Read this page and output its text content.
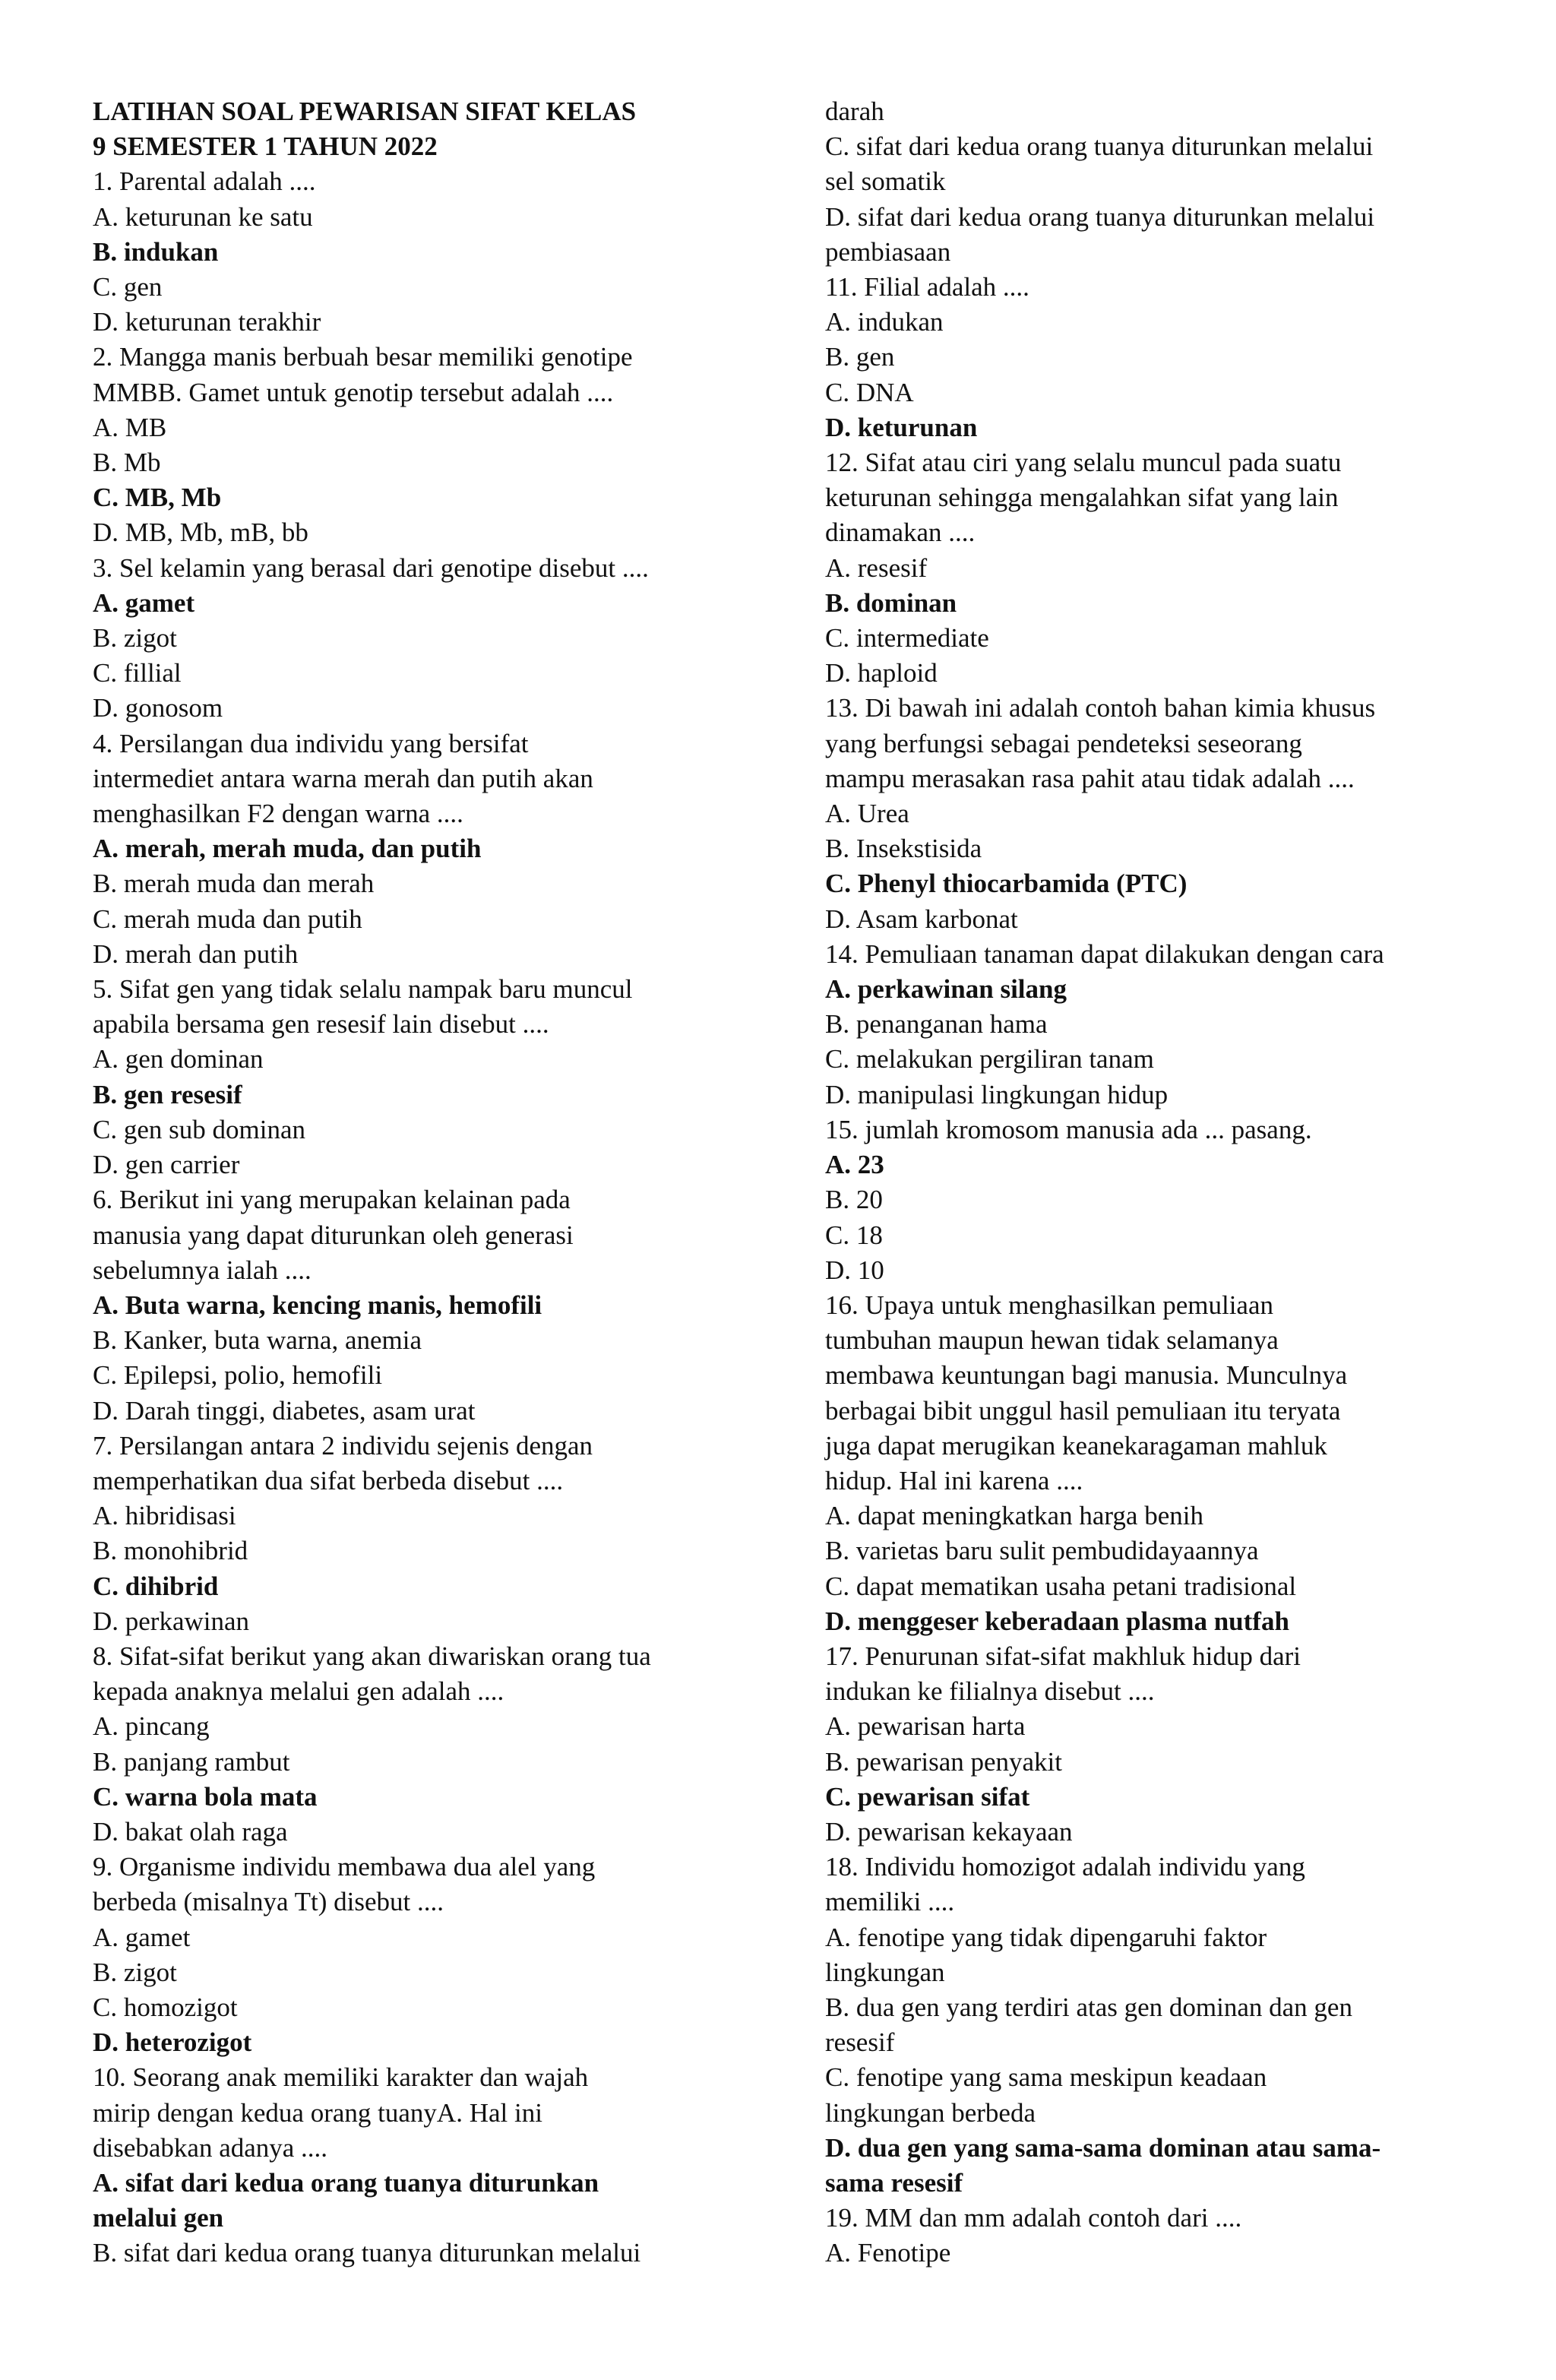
LATIHAN SOAL PEWARISAN SIFAT KELAS
9 SEMESTER 1 TAHUN 2022
1. Parental adalah ....
A. keturunan ke satu
B. indukan
C. gen
D. keturunan terakhir
2. Mangga manis berbuah besar memiliki genotipe
MMBB. Gamet untuk genotip tersebut adalah ....
A. MB
B. Mb
C. MB, Mb
D. MB, Mb, mB, bb
3. Sel kelamin yang berasal dari genotipe disebut ....
A. gamet
B. zigot
C. fillial
D. gonosom
4. Persilangan dua individu yang bersifat
intermediet antara warna merah dan putih akan
menghasilkan F2 dengan warna ....
A. merah, merah muda, dan putih
B. merah muda dan merah
C. merah muda dan putih
D. merah dan putih
5. Sifat gen yang tidak selalu nampak baru muncul
apabila bersama gen resesif lain disebut ....
A. gen dominan
B. gen resesif
C. gen sub dominan
D. gen carrier
6. Berikut ini yang merupakan kelainan pada
manusia yang dapat diturunkan oleh generasi
sebelumnya ialah ....
A. Buta warna, kencing manis, hemofili
B. Kanker, buta warna, anemia
C. Epilepsi, polio, hemofili
D. Darah tinggi, diabetes, asam urat
7. Persilangan antara 2 individu sejenis dengan
memperhatikan dua sifat berbeda disebut ....
A. hibridisasi
B. monohibrid
C. dihibrid
D. perkawinan
8. Sifat-sifat berikut yang akan diwariskan orang tua
kepada anaknya melalui gen adalah ....
A. pincang
B. panjang rambut
C. warna bola mata
D. bakat olah raga
9. Organisme individu membawa dua alel yang
berbeda (misalnya Tt) disebut ....
A. gamet
B. zigot
C. homozigot
D. heterozigot
10. Seorang anak memiliki karakter dan wajah
mirip dengan kedua orang tuanyA. Hal ini
disebabkan adanya ....
A. sifat dari kedua orang tuanya diturunkan
melalui gen
B. sifat dari kedua orang tuanya diturunkan melalui
darah
C. sifat dari kedua orang tuanya diturunkan melalui
sel somatik
D. sifat dari kedua orang tuanya diturunkan melalui
pembiasaan
11. Filial adalah ....
A. indukan
B. gen
C. DNA
D. keturunan
12. Sifat atau ciri yang selalu muncul pada suatu
keturunan sehingga mengalahkan sifat yang lain
dinamakan ....
A. resesif
B. dominan
C. intermediate
D. haploid
13. Di bawah ini adalah contoh bahan kimia khusus
yang berfungsi sebagai pendeteksi seseorang
mampu merasakan rasa pahit atau tidak adalah ....
A. Urea
B. Insekstisida
C. Phenyl thiocarbamida (PTC)
D. Asam karbonat
14. Pemuliaan tanaman dapat dilakukan dengan cara
A. perkawinan silang
B. penanganan hama
C. melakukan pergiliran tanam
D. manipulasi lingkungan hidup
15. jumlah kromosom manusia ada ... pasang.
A. 23
B. 20
C. 18
D. 10
16. Upaya untuk menghasilkan pemuliaan
tumbuhan maupun hewan tidak selamanya
membawa keuntungan bagi manusia. Munculnya
berbagai bibit unggul hasil pemuliaan itu teryata
juga dapat merugikan keanekaragaman mahluk
hidup. Hal ini karena ....
A. dapat meningkatkan harga benih
B. varietas baru sulit pembudidayaannya
C. dapat mematikan usaha petani tradisional
D. menggeser keberadaan plasma nutfah
17. Penurunan sifat-sifat makhluk hidup dari
indukan ke filialnya disebut ....
A. pewarisan harta
B. pewarisan penyakit
C. pewarisan sifat
D. pewarisan kekayaan
18. Individu homozigot adalah individu yang
memiliki ....
A. fenotipe yang tidak dipengaruhi faktor
lingkungan
B. dua gen yang terdiri atas gen dominan dan gen
resesif
C. fenotipe yang sama meskipun keadaan
lingkungan berbeda
D. dua gen yang sama-sama dominan atau sama-
sama resesif
19. MM dan mm adalah contoh dari ....
A. Fenotipe
